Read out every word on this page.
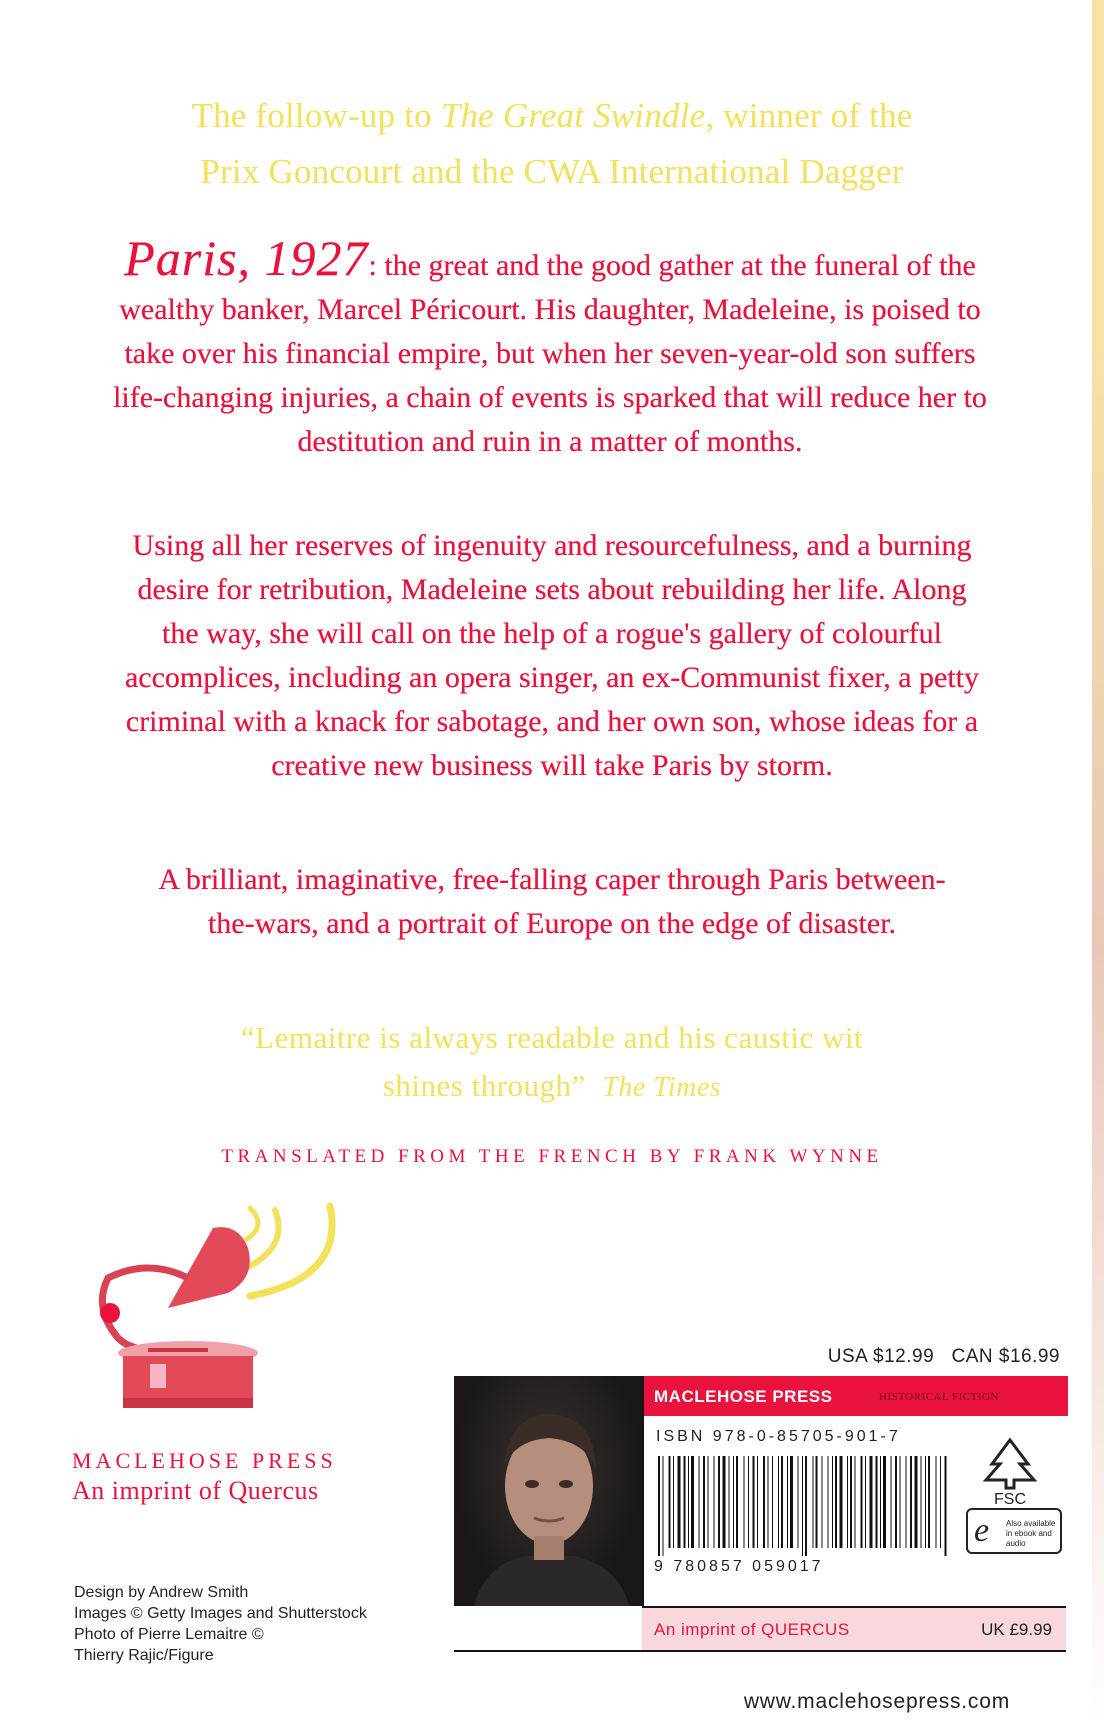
The follow-up to The Great Swindle, winner of the
Prix Goncourt and the CWA International Dagger

Paris, 1927: the great and the good gather at the funeral of the wealthy banker, Marcel Péricourt. His daughter, Madeleine, is poised to take over his financial empire, but when her seven-year-old son suffers life-changing injuries, a chain of events is sparked that will reduce her to destitution and ruin in a matter of months.

Using all her reserves of ingenuity and resourcefulness, and a burning desire for retribution, Madeleine sets about rebuilding her life. Along the way, she will call on the help of a rogue's gallery of colourful accomplices, including an opera singer, an ex-Communist fixer, a petty criminal with a knack for sabotage, and her own son, whose ideas for a creative new business will take Paris by storm.

A brilliant, imaginative, free-falling caper through Paris between-the-wars, and a portrait of Europe on the edge of disaster.

“Lemaitre is always readable and his caustic wit
shines through” The Times
TRANSLATED FROM THE FRENCH BY FRANK WYNNE
MACLEHOSE PRESS
An imprint of Quercus
Design by Andrew Smith
Images © Getty Images and Shutterstock
Photo of Pierre Lemaitre ©
Thierry Rajic/Figure
USA $12.99   CAN $16.99
MACLEHOSE PRESS	HISTORICAL FICTION
ISBN 978-0-85705-901-7
9 780857 059017
FSC
e Also available in ebook and audio
An imprint of QUERCUS	UK £9.99
www.maclehosepress.com
